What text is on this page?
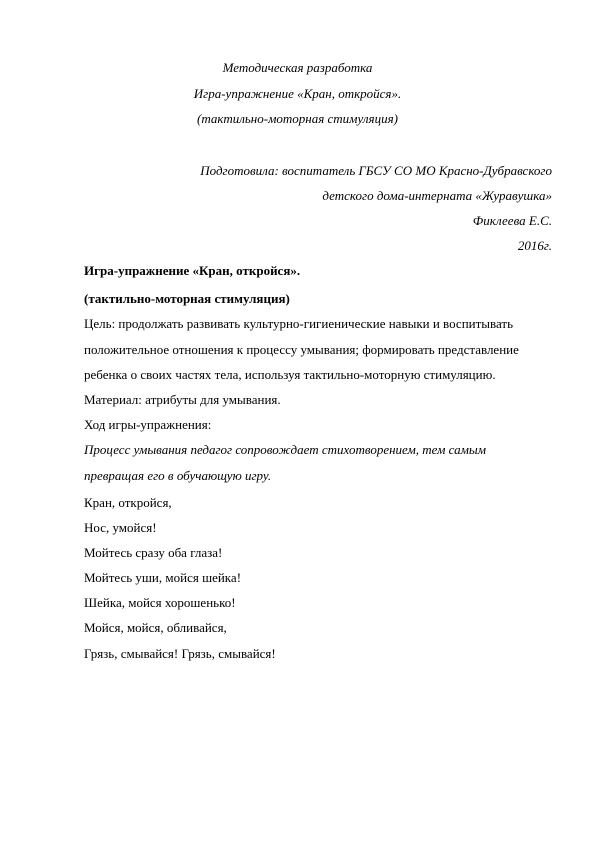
Методическая разработка
Игра-упражнение «Кран, откройся».
(тактильно-моторная стимуляция)
Подготовила: воспитатель ГБСУ СО МО Красно-Дубравского
детского дома-интерната «Журавушка»
Фиклеева Е.С.
2016г.
Игра-упражнение «Кран, откройся».
(тактильно-моторная стимуляция)
Цель: продолжать развивать культурно-гигиенические навыки и воспитывать
положительное отношения к процессу умывания; формировать представление
ребенка о своих частях тела, используя тактильно-моторную стимуляцию.
Материал: атрибуты для умывания.
Ход игры-упражнения:
Процесс умывания педагог сопровождает стихотворением, тем самым
превращая его в обучающую игру.
Кран, откройся,
Нос, умойся!
Мойтесь сразу оба глаза!
Мойтесь уши, мойся шейка!
Шейка, мойся хорошенько!
Мойся, мойся, обливайся,
Грязь, смывайся! Грязь, смывайся!
